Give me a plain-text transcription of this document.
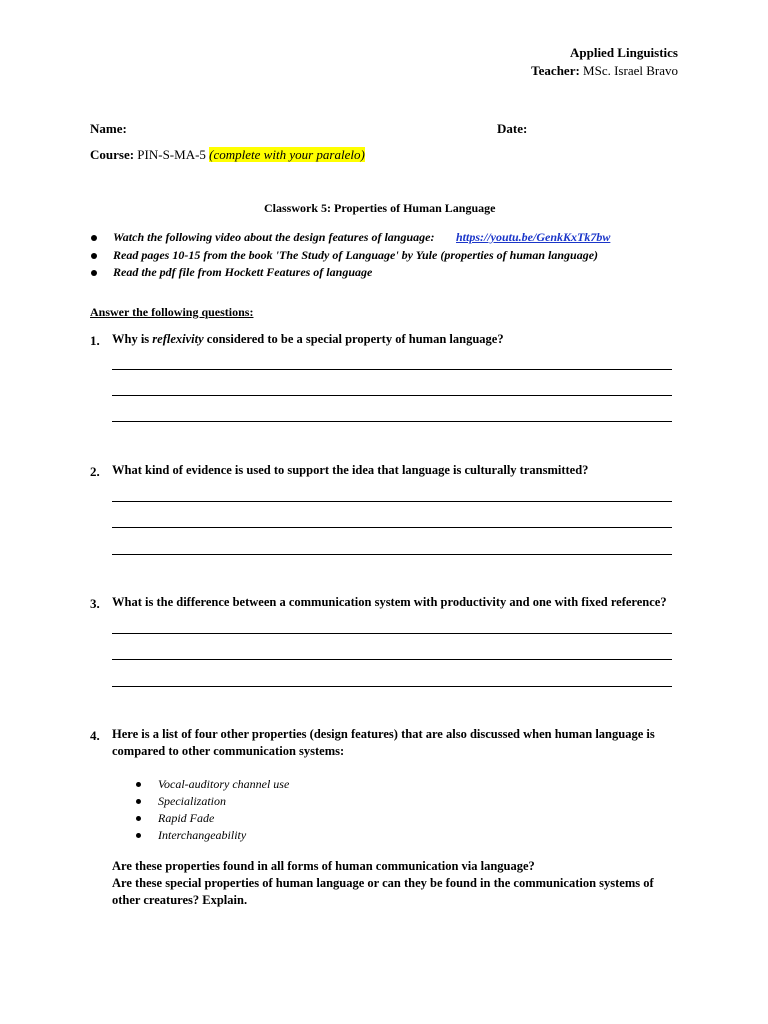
Applied Linguistics
Teacher: MSc. Israel Bravo
Name:	Date:
Course: PIN-S-MA-5 (complete with your paralelo)
Classwork 5: Properties of Human Language
Watch the following video about the design features of language: https://youtu.be/GenkKxTk7bw
Read pages 10-15 from the book 'The Study of Language' by Yule (properties of human language)
Read the pdf file from Hockett Features of language
Answer the following questions:
1. Why is reflexivity considered to be a special property of human language?
2. What kind of evidence is used to support the idea that language is culturally transmitted?
3. What is the difference between a communication system with productivity and one with fixed reference?
4. Here is a list of four other properties (design features) that are also discussed when human language is
compared to other communication systems:
Vocal-auditory channel use
Specialization
Rapid Fade
Interchangeability
Are these properties found in all forms of human communication via language?
Are these special properties of human language or can they be found in the communication systems of
other creatures? Explain.
